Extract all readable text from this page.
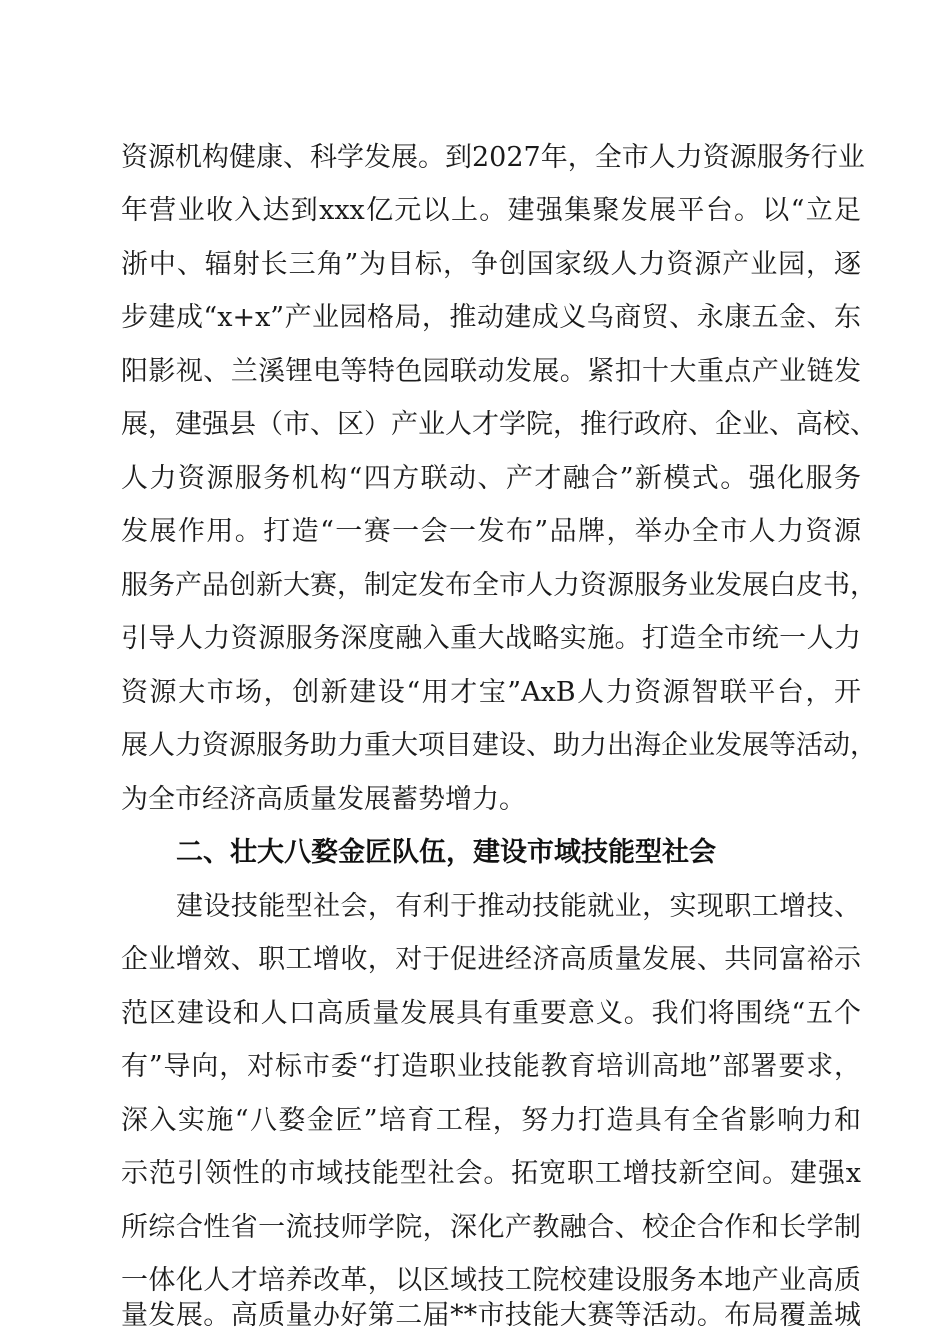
资源机构健康、科学发展。到2027年，全市人力资源服务行业

年营业收入达到xxx亿元以上。建强集聚发展平台。以“立足

浙中、辐射长三角”为目标，争创国家级人力资源产业园，逐

步建成“x+x”产业园格局，推动建成义乌商贸、永康五金、东

阳影视、兰溪锂电等特色园联动发展。紧扣十大重点产业链发

展，建强县（市、区）产业人才学院，推行政府、企业、高校、

人力资源服务机构“四方联动、产才融合”新模式。强化服务

发展作用。打造“一赛一会一发布”品牌，举办全市人力资源

服务产品创新大赛，制定发布全市人力资源服务业发展白皮书，

引导人力资源服务深度融入重大战略实施。打造全市统一人力

资源大市场，创新建设“用才宝”AxB人力资源智联平台，开

展人力资源服务助力重大项目建设、助力出海企业发展等活动，

为全市经济高质量发展蓄势增力。

二、壮大八婺金匠队伍，建设市域技能型社会

建设技能型社会，有利于推动技能就业，实现职工增技、

企业增效、职工增收，对于促进经济高质量发展、共同富裕示

范区建设和人口高质量发展具有重要意义。我们将围绕“五个

有”导向，对标市委“打造职业技能教育培训高地”部署要求，

深入实施“八婺金匠”培育工程，努力打造具有全省影响力和

示范引领性的市域技能型社会。拓宽职工增技新空间。建强x

所综合性省一流技师学院，深化产教融合、校企合作和长学制

一体化人才培养改革，以区域技工院校建设服务本地产业高质

量发展。高质量办好第二届**市技能大赛等活动。布局覆盖城
